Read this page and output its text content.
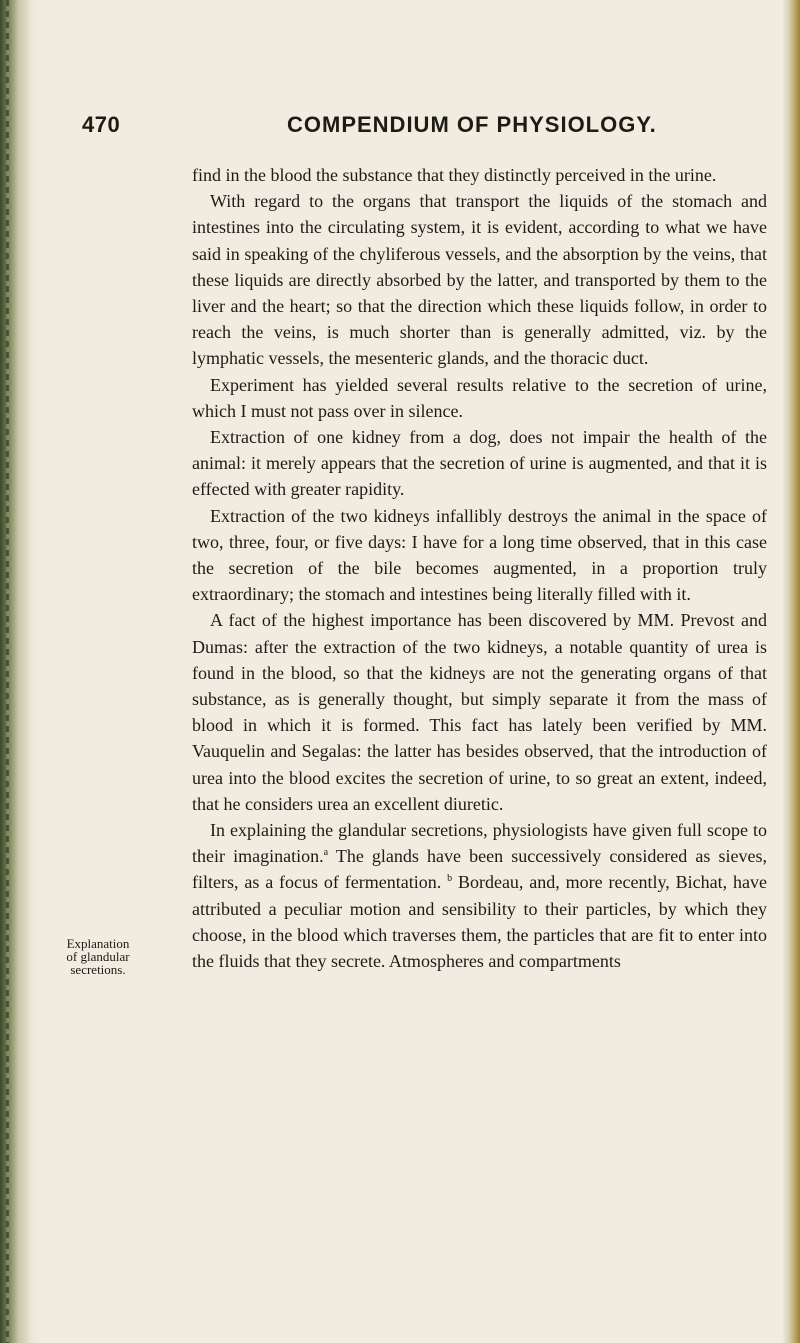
470	COMPENDIUM OF PHYSIOLOGY.
Explanation
of glandular
secretions.

find in the blood the substance that they distinctly perceived in the urine.

With regard to the organs that transport the liquids of the stomach and intestines into the circulating system, it is evident, according to what we have said in speaking of the chyliferous vessels, and the absorption by the veins, that these liquids are directly absorbed by the latter, and transported by them to the liver and the heart; so that the direction which these liquids follow, in order to reach the veins, is much shorter than is generally admitted, viz. by the lymphatic vessels, the mesenteric glands, and the thoracic duct.

Experiment has yielded several results relative to the secretion of urine, which I must not pass over in silence.

Extraction of one kidney from a dog, does not impair the health of the animal: it merely appears that the secretion of urine is augmented, and that it is effected with greater rapidity.

Extraction of the two kidneys infallibly destroys the animal in the space of two, three, four, or five days: I have for a long time observed, that in this case the secretion of the bile becomes augmented, in a proportion truly extraordinary; the stomach and intestines being literally filled with it.

A fact of the highest importance has been discovered by MM. Prevost and Dumas: after the extraction of the two kidneys, a notable quantity of urea is found in the blood, so that the kidneys are not the generating organs of that substance, as is generally thought, but simply separate it from the mass of blood in which it is formed. This fact has lately been verified by MM. Vauquelin and Segalas: the latter has besides observed, that the introduction of urea into the blood excites the secretion of urine, to so great an extent, indeed, that he considers urea an excellent diuretic.

In explaining the glandular secretions, physiologists have given full scope to their imagination.$^a$ The glands have been successively considered as sieves, filters, as a focus of fermentation. $^b$ Bordeau, and, more recently, Bichat, have attributed a peculiar motion and sensibility to their particles, by which they choose, in the blood which traverses them, the particles that are fit to enter into the fluids that they secrete. Atmospheres and compartments
